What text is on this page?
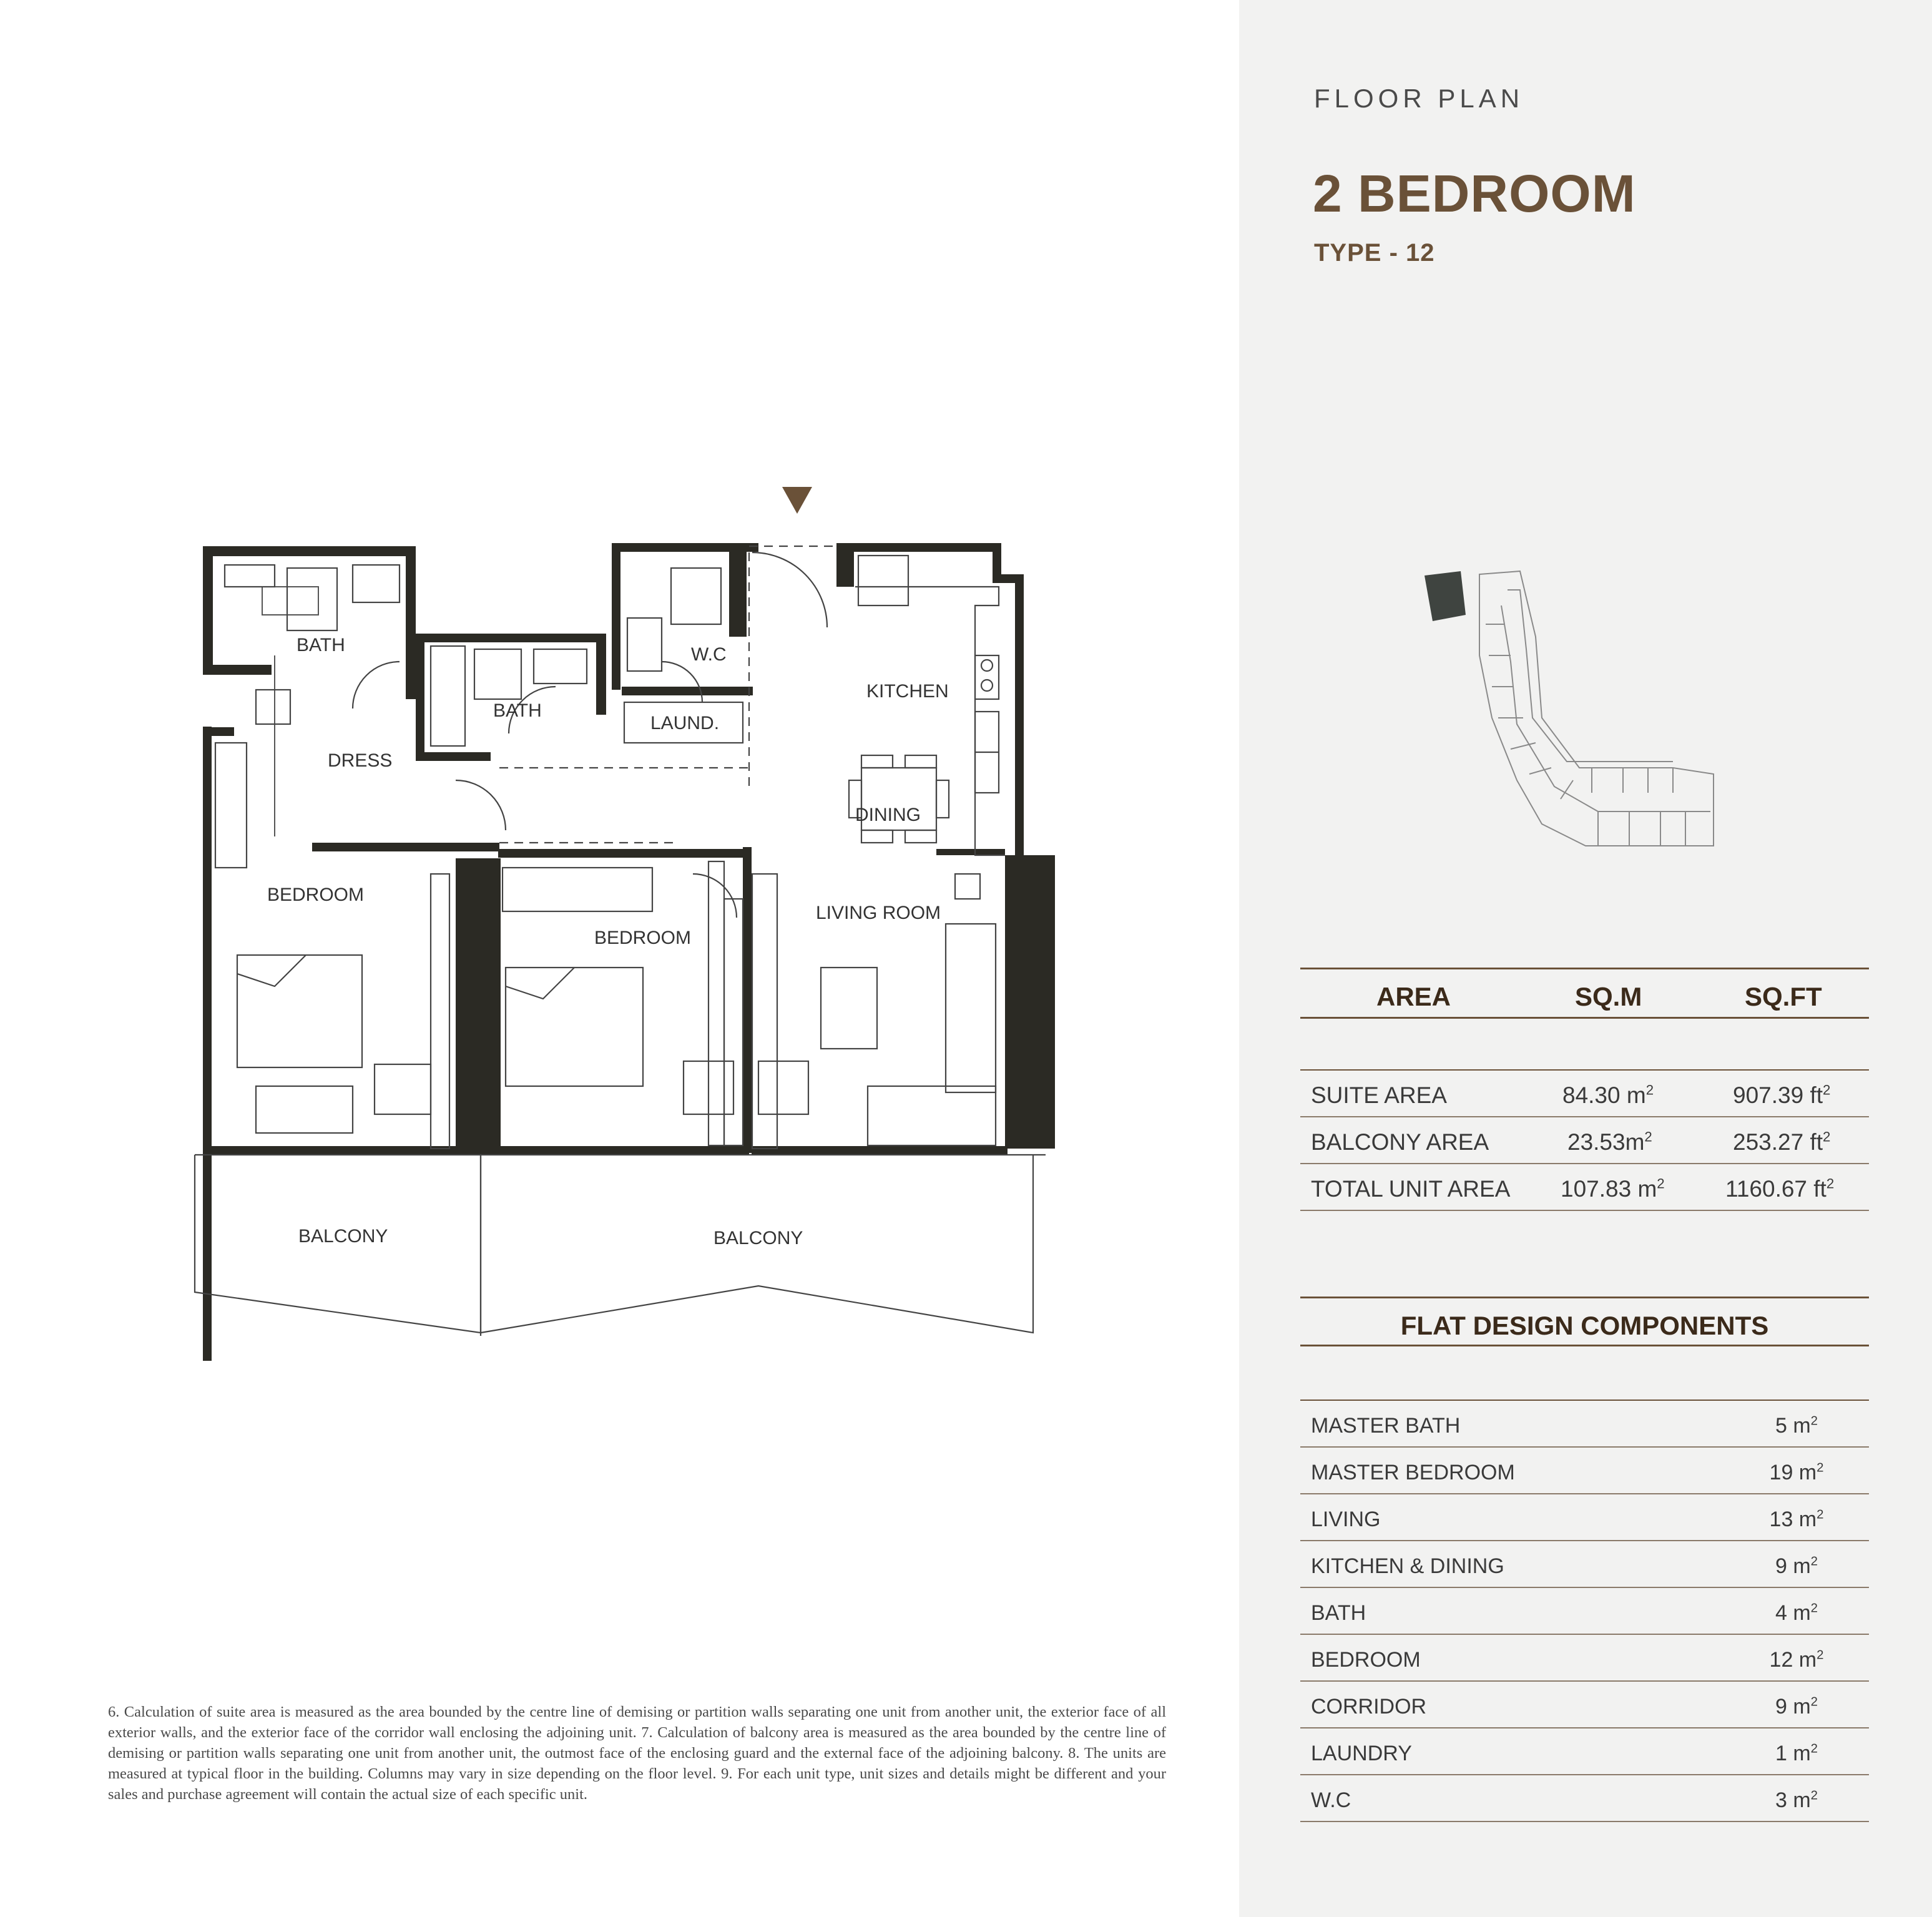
FLOOR PLAN
2 BEDROOM
TYPE - 12
BATH
DRESS
BATH
W.C
LAUND.
KITCHEN
DINING
BEDROOM
BEDROOM
LIVING ROOM
BALCONY	BALCONY
AREA	SQ.M	SQ.FT
SUITE AREA	84.30 $m^2$	907.39 $ft^2$
BALCONY AREA	$23.53m^2$	253.27 $ft^2$
TOTAL UNIT AREA 107.83 $m^2$	1160.67 $ft^2$
FLAT DESIGN COMPONENTS
MASTER BATH	5 $m^2$
MASTER BEDROOM	19 $m^2$
LIVING	13 $m^2$
KITCHEN & DINING	9 $m^2$
BATH	4 $m^2$
BEDROOM	12 $m^2$
CORRIDOR	9 $m^2$
LAUNDRY	1 $m^2$
W.C	3 $m^2$
6. Calculation of suite area is measured as the area bounded by the centre line of demising or partition walls separating one unit from another unit, the exterior face of all exterior walls, and the exterior face of the corridor wall enclosing the adjoining unit. 7. Calculation of balcony area is measured as the area bounded by the centre line of demising or partition walls separating one unit from another unit, the outmost face of the enclosing guard and the external face of the adjoining balcony. 8. The units are measured at typical floor in the building. Columns may vary in size depending on the floor level. 9. For each unit type, unit sizes and details might be different and your sales and purchase agreement will contain the actual size of each specific unit.
